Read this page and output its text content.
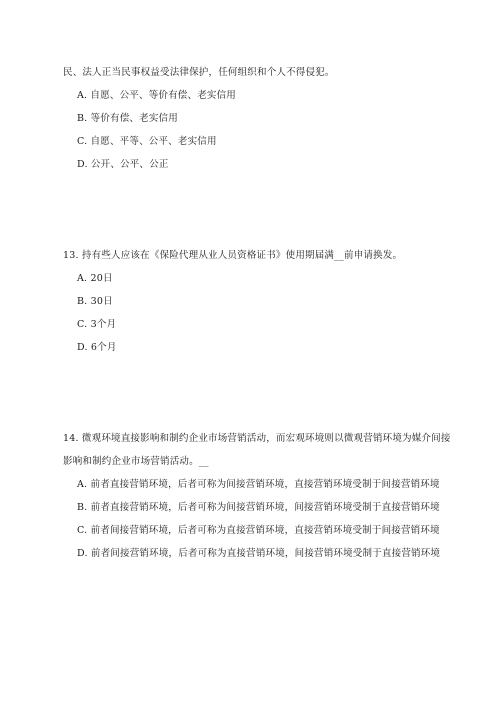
民、法人正当民事权益受法律保护，任何组织和个人不得侵犯。
A. 自愿、公平、等价有偿、老实信用
B. 等价有偿、老实信用
C. 自愿、平等、公平、老实信用
D. 公开、公平、公正
13. 持有些人应该在《保险代理从业人员资格证书》使用期届满__前申请换发。
A. 20日
B. 30日
C. 3个月
D. 6个月
14. 微观环境直接影响和制约企业市场营销活动，而宏观环境则以微观营销环境为媒介间接
影响和制约企业市场营销活动。__
A. 前者直接营销环境，后者可称为间接营销环境，直接营销环境受制于间接营销环境
B. 前者直接营销环境，后者可称为间接营销环境，间接营销环境受制于直接营销环境
C. 前者间接营销环境，后者可称为直接营销环境，直接营销环境受制于间接营销环境
D. 前者间接营销环境，后者可称为直接营销环境，间接营销环境受制于直接营销环境
